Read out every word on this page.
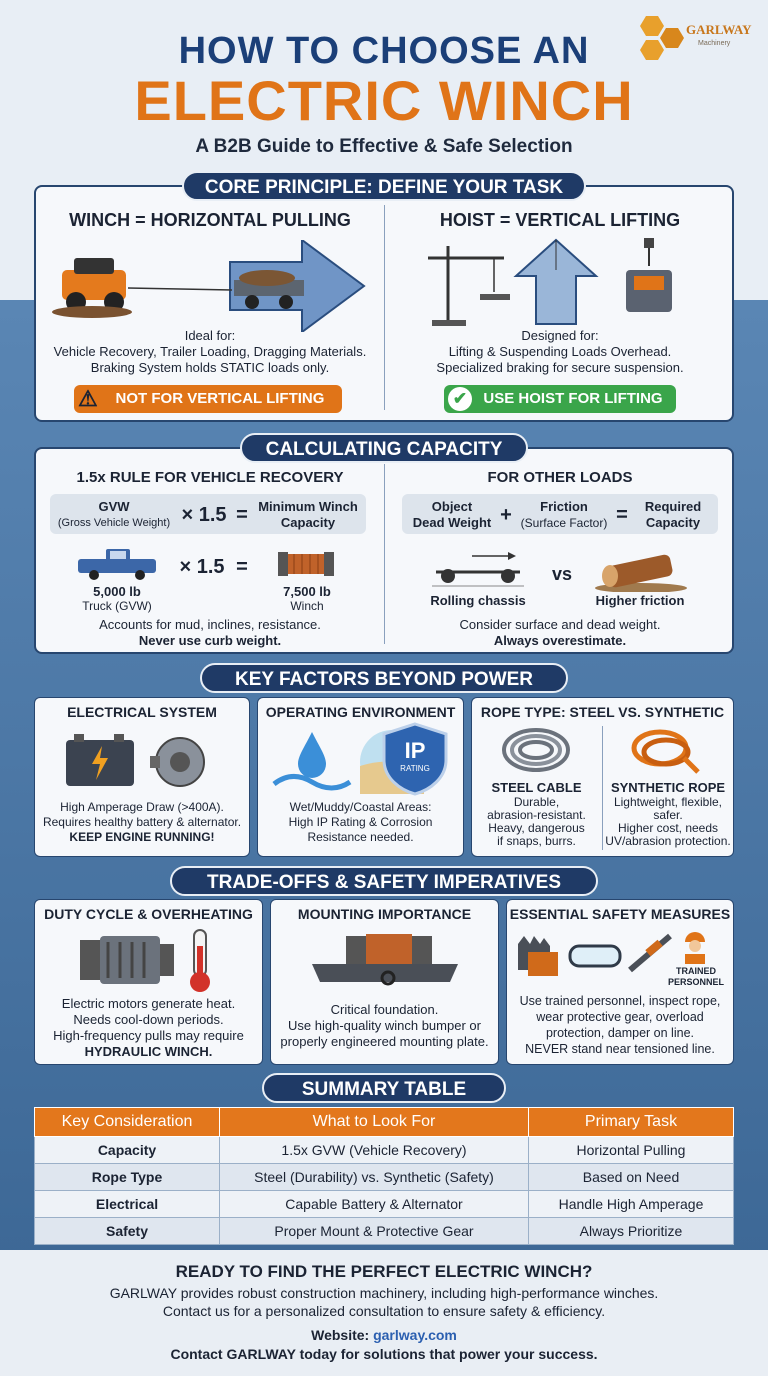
HOW TO CHOOSE AN
ELECTRIC WINCH
A B2B Guide to Effective & Safe Selection
GARLWAY
Machinery
CORE PRINCIPLE: DEFINE YOUR TASK
WINCH = HORIZONTAL PULLING
Ideal for:
Vehicle Recovery, Trailer Loading, Dragging Materials.
Braking System holds STATIC loads only.
⚠ NOT FOR VERTICAL LIFTING
HOIST = VERTICAL LIFTING
Designed for:
Lifting & Suspending Loads Overhead.
Specialized braking for secure suspension.
✔	USE HOIST FOR LIFTING
CALCULATING CAPACITY
1.5x RULE FOR VEHICLE RECOVERY
GVW
(Gross Vehicle Weight) × 1.5 = Minimum Winch
Capacity
5,000 lb
Truck (GVW)
× 1.5 =
7,500 lb
Winch
Accounts for mud, inclines, resistance.
Never use curb weight.
FOR OTHER LOADS
Object
Dead Weight +	Friction
(Surface Factor) =	Required
Capacity
Rolling chassis
vs
Higher friction
Consider surface and dead weight.
Always overestimate.
KEY FACTORS BEYOND POWER
ELECTRICAL SYSTEM
High Amperage Draw (>400A).
Requires healthy battery & alternator.
KEEP ENGINE RUNNING!
OPERATING ENVIRONMENT
IP
RATING
Wet/Muddy/Coastal Areas:
High IP Rating & Corrosion
Resistance needed.
ROPE TYPE: STEEL VS. SYNTHETIC
STEEL CABLE
Durable,
abrasion-resistant.
Heavy, dangerous
if snaps, burrs.
SYNTHETIC ROPE
Lightweight, flexible,
safer.
Higher cost, needs
UV/abrasion protection.
TRADE-OFFS & SAFETY IMPERATIVES
DUTY CYCLE & OVERHEATING
Electric motors generate heat.
Needs cool-down periods.
High-frequency pulls may require
HYDRAULIC WINCH.
MOUNTING IMPORTANCE
Critical foundation.
Use high-quality winch bumper or
properly engineered mounting plate.
ESSENTIAL SAFETY MEASURES
TRAINED
PERSONNEL
Use trained personnel, inspect rope,
wear protective gear, overload
protection, damper on line.
NEVER stand near tensioned line.
SUMMARY TABLE
Key Consideration	What to Look For	Primary Task
Capacity	1.5x GVW (Vehicle Recovery)	Horizontal Pulling
Rope Type	Steel (Durability) vs. Synthetic (Safety)	Based on Need
Electrical	Capable Battery & Alternator	Handle High Amperage
Safety	Proper Mount & Protective Gear	Always Prioritize
READY TO FIND THE PERFECT ELECTRIC WINCH?
GARLWAY provides robust construction machinery, including high-performance winches.
Contact us for a personalized consultation to ensure safety & efficiency.
Website: garlway.com
Contact GARLWAY today for solutions that power your success.
